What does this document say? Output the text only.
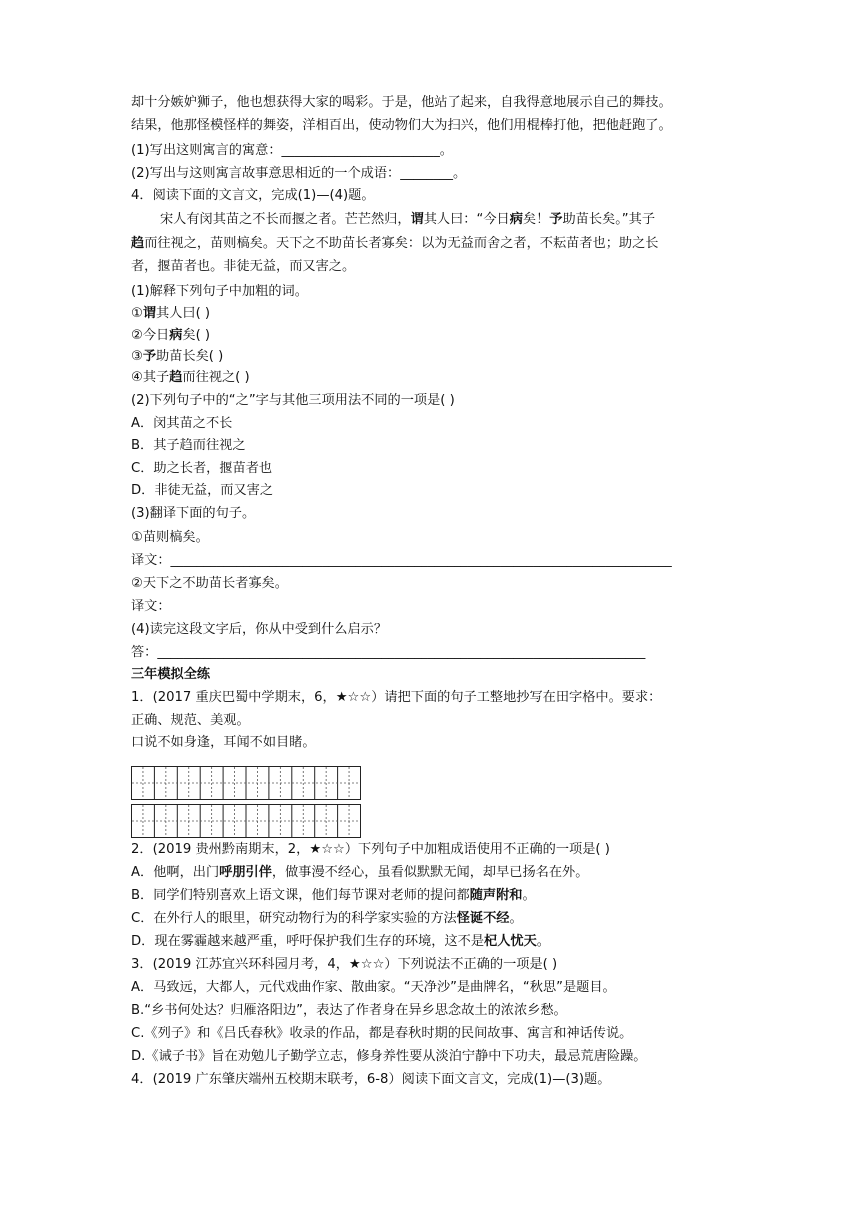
却十分嫉妒狮子，他也想获得大家的喝彩。于是，他站了起来，自我得意地展示自己的舞技。
结果，他那怪模怪样的舞姿，洋相百出，使动物们大为扫兴，他们用棍棒打他，把他赶跑了。
(1)写出这则寓言的寓意：________________________。
(2)写出与这则寓言故事意思相近的一个成语：________。
4．阅读下面的文言文，完成(1)—(4)题。
宋人有闵其苗之不长而揠之者。芒芒然归，谓其人曰：“今日病矣！予助苗长矣。”其子
趋而往视之，苗则槁矣。天下之不助苗长者寡矣：以为无益而舍之者，不耘苗者也；助之长
者，揠苗者也。非徒无益，而又害之。
(1)解释下列句子中加粗的词。
①谓其人曰( )
②今日病矣( )
③予助苗长矣( )
④其子趋而往视之( )
(2)下列句子中的“之”字与其他三项用法不同的一项是( )
A．闵其苗之不长
B．其子趋而往视之
C．助之长者，揠苗者也
D．非徒无益，而又害之
(3)翻译下面的句子。
①苗则槁矣。
译文：____________________________________________________________________________
②天下之不助苗长者寡矣。
译文：
(4)读完这段文字后，你从中受到什么启示？
答：__________________________________________________________________________
三年模拟全练
1．(2017 重庆巴蜀中学期末，6，★☆☆）请把下面的句子工整地抄写在田字格中。要求：
正确、规范、美观。
口说不如身逢，耳闻不如目睹。
2．(2019 贵州黔南期末，2，★☆☆）下列句子中加粗成语使用不正确的一项是( )
A．他啊，出门呼朋引伴，做事漫不经心，虽看似默默无闻，却早已扬名在外。
B．同学们特别喜欢上语文课，他们每节课对老师的提问都随声附和。
C．在外行人的眼里，研究动物行为的科学家实验的方法怪诞不经。
D．现在雾霾越来越严重，呼吁保护我们生存的环境，这不是杞人忧天。
3．(2019 江苏宜兴环科园月考，4，★☆☆）下列说法不正确的一项是( )
A．马致远，大都人，元代戏曲作家、散曲家。“天净沙”是曲牌名，“秋思”是题目。
B.“乡书何处达？归雁洛阳边”，表达了作者身在异乡思念故土的浓浓乡愁。
C.《列子》和《吕氏春秋》收录的作品，都是春秋时期的民间故事、寓言和神话传说。
D.《诫子书》旨在劝勉儿子勤学立志，修身养性要从淡泊宁静中下功夫，最忌荒唐险躁。
4．(2019 广东肇庆端州五校期末联考，6-8）阅读下面文言文，完成(1)—(3)题。
